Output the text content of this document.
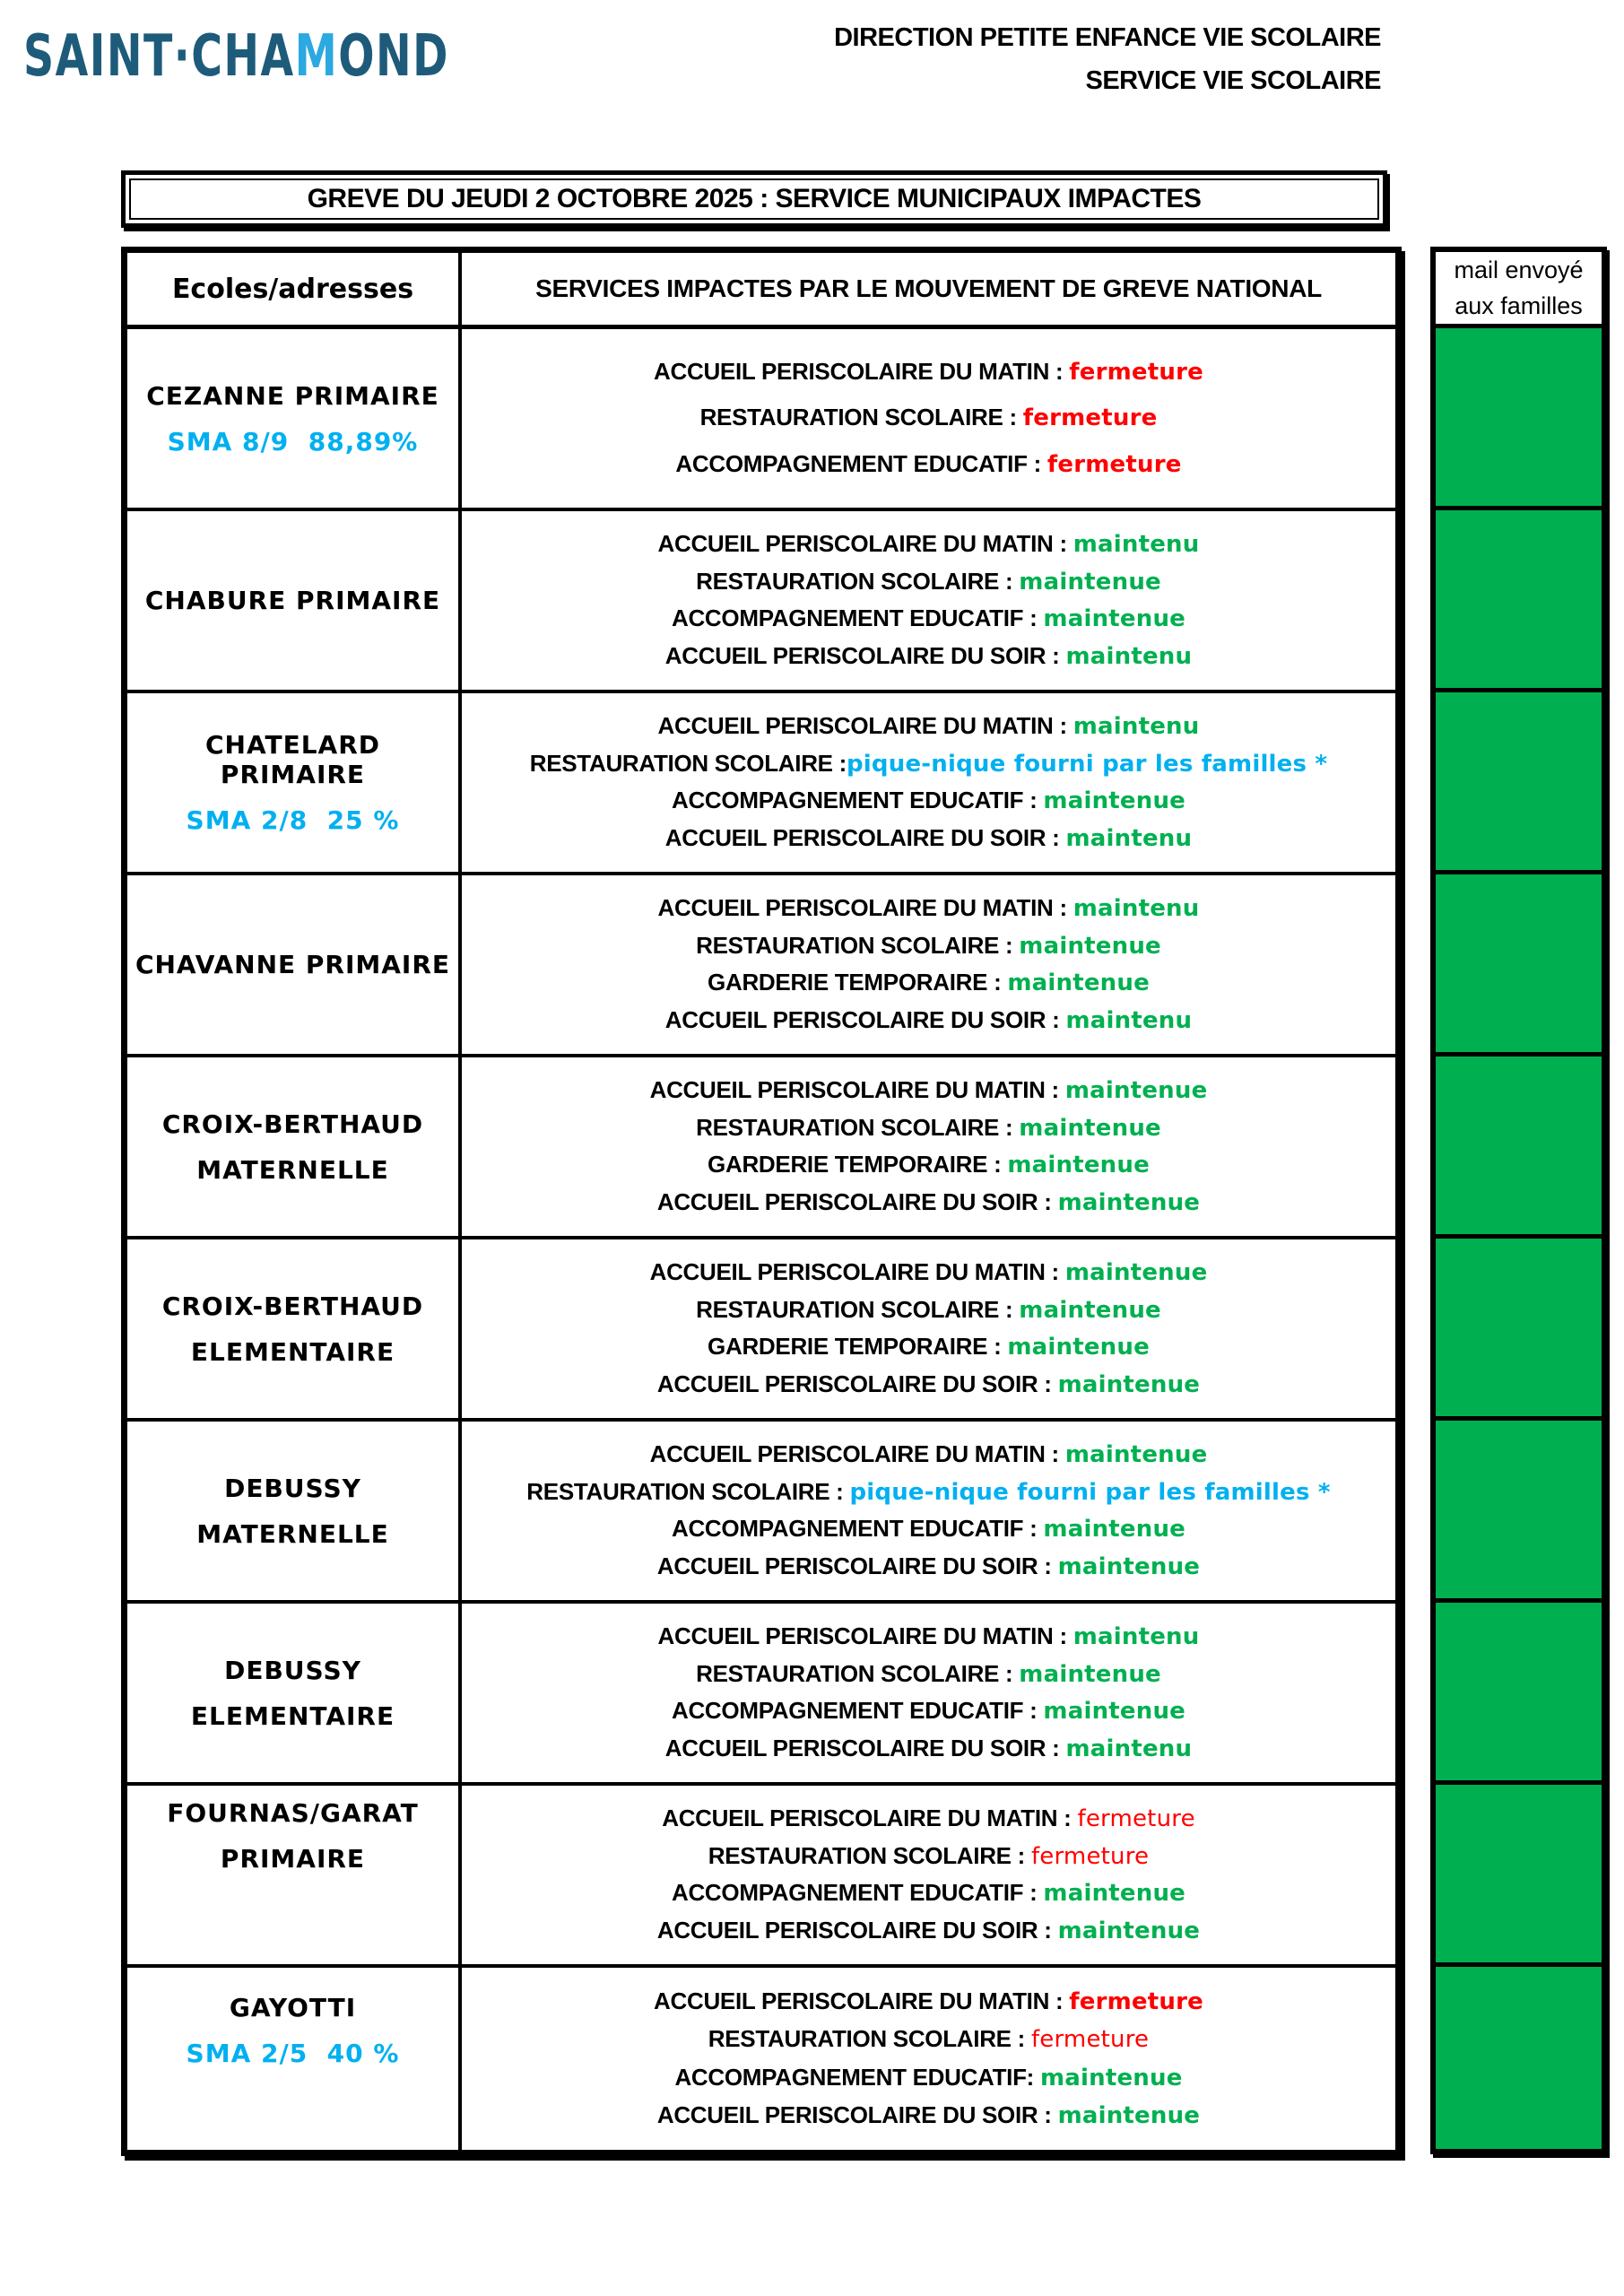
SAINT·CHAMOND	DIRECTION PETITE ENFANCE VIE SCOLAIRE
SERVICE VIE SCOLAIRE
GREVE DU JEUDI 2 OCTOBRE 2025 : SERVICE MUNICIPAUX IMPACTES
Ecoles/adresses	SERVICES IMPACTES PAR LE MOUVEMENT DE GREVE NATIONAL
CEZANNE PRIMAIRE
SMA 8/9  88,89%
ACCUEIL PERISCOLAIRE DU MATIN : fermeture
RESTAURATION SCOLAIRE : fermeture
ACCOMPAGNEMENT EDUCATIF : fermeture
CHABURE PRIMAIRE
ACCUEIL PERISCOLAIRE DU MATIN : maintenu
RESTAURATION SCOLAIRE : maintenue
ACCOMPAGNEMENT EDUCATIF : maintenue
ACCUEIL PERISCOLAIRE DU SOIR : maintenu
CHATELARD PRIMAIRE
SMA 2/8  25 %
ACCUEIL PERISCOLAIRE DU MATIN : maintenu
RESTAURATION SCOLAIRE :pique-nique fourni par les familles *
ACCOMPAGNEMENT EDUCATIF : maintenue
ACCUEIL PERISCOLAIRE DU SOIR : maintenu
CHAVANNE PRIMAIRE
ACCUEIL PERISCOLAIRE DU MATIN : maintenu
RESTAURATION SCOLAIRE : maintenue
GARDERIE TEMPORAIRE : maintenue
ACCUEIL PERISCOLAIRE DU SOIR : maintenu
CROIX-BERTHAUD
MATERNELLE
ACCUEIL PERISCOLAIRE DU MATIN : maintenue
RESTAURATION SCOLAIRE : maintenue
GARDERIE TEMPORAIRE : maintenue
ACCUEIL PERISCOLAIRE DU SOIR : maintenue
CROIX-BERTHAUD
ELEMENTAIRE
ACCUEIL PERISCOLAIRE DU MATIN : maintenue
RESTAURATION SCOLAIRE : maintenue
GARDERIE TEMPORAIRE : maintenue
ACCUEIL PERISCOLAIRE DU SOIR : maintenue
DEBUSSY
MATERNELLE
ACCUEIL PERISCOLAIRE DU MATIN : maintenue
RESTAURATION SCOLAIRE : pique-nique fourni par les familles *
ACCOMPAGNEMENT EDUCATIF : maintenue
ACCUEIL PERISCOLAIRE DU SOIR : maintenue
DEBUSSY
ELEMENTAIRE
ACCUEIL PERISCOLAIRE DU MATIN : maintenu
RESTAURATION SCOLAIRE : maintenue
ACCOMPAGNEMENT EDUCATIF : maintenue
ACCUEIL PERISCOLAIRE DU SOIR : maintenu
FOURNAS/GARAT
PRIMAIRE
ACCUEIL PERISCOLAIRE DU MATIN : fermeture
RESTAURATION SCOLAIRE : fermeture
ACCOMPAGNEMENT EDUCATIF : maintenue
ACCUEIL PERISCOLAIRE DU SOIR : maintenue
GAYOTTI
SMA 2/5  40 %
ACCUEIL PERISCOLAIRE DU MATIN : fermeture
RESTAURATION SCOLAIRE : fermeture
ACCOMPAGNEMENT EDUCATIF: maintenue
ACCUEIL PERISCOLAIRE DU SOIR : maintenue
mail envoyé aux familles
